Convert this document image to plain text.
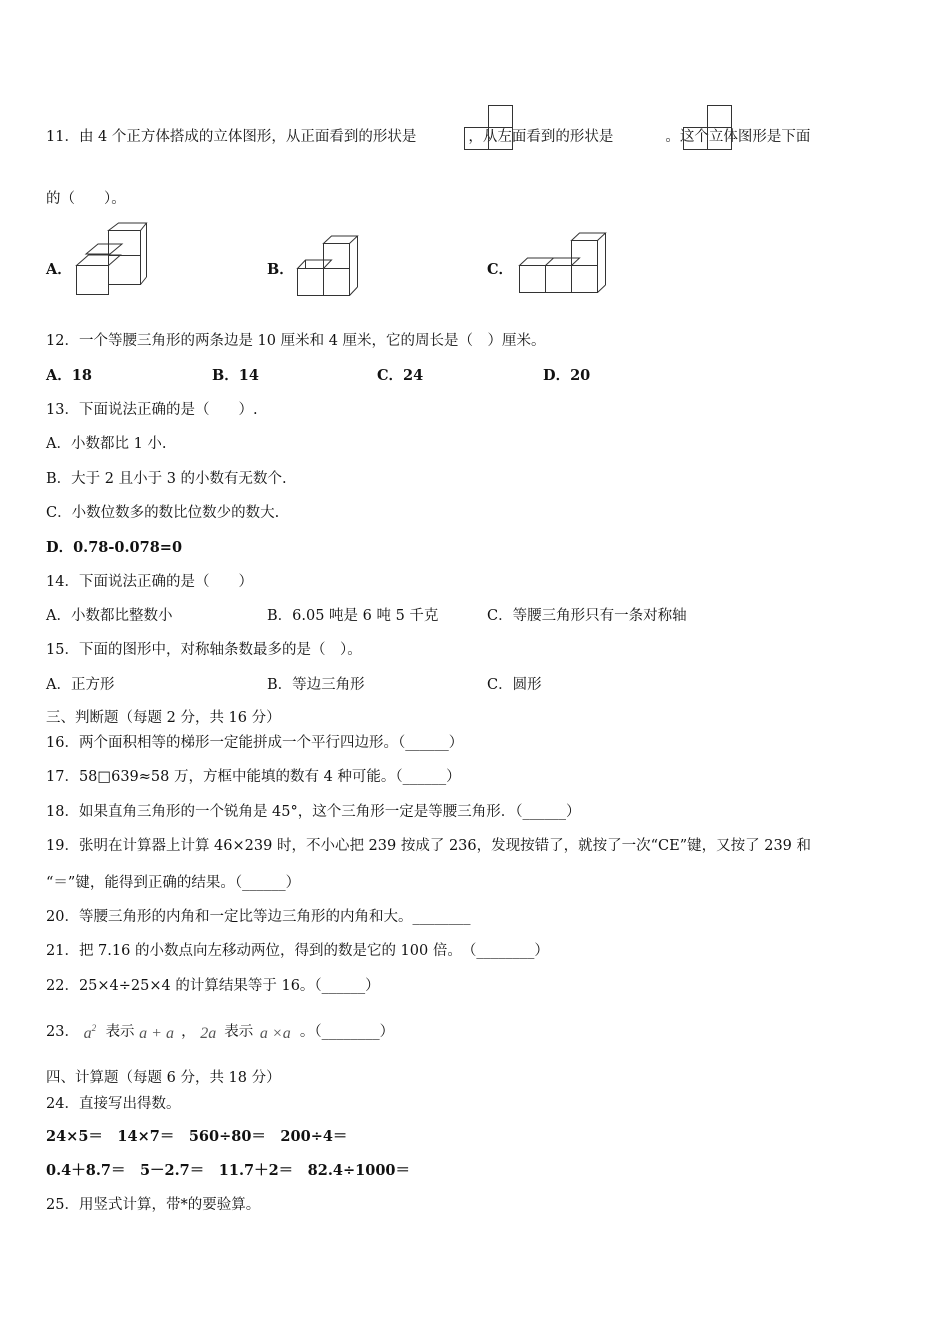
11．由 4 个正方体搭成的立体图形，从正面看到的形状是	，从左面看到的形状是	。这个立体图形是下面
的（　　）。
A．	B．	C．
12．一个等腰三角形的两条边是 10 厘米和 4 厘米，它的周长是（　）厘米。
A．18	B．14	C．24	D．20
13．下面说法正确的是（　　）.
A．小数都比 1 小.
B．大于 2 且小于 3 的小数有无数个.
C．小数位数多的数比位数少的数大.
D．0.78-0.078=0
14．下面说法正确的是（　　）
A．小数都比整数小	B．6.05 吨是 6 吨 5 千克	C．等腰三角形只有一条对称轴
15．下面的图形中，对称轴条数最多的是（　）。
A．正方形	B．等边三角形	C．圆形
三、判断题（每题 2 分，共 16 分）
16．两个面积相等的梯形一定能拼成一个平行四边形。（______）
17．58□639≈58 万，方框中能填的数有 4 种可能。（______）
18．如果直角三角形的一个锐角是 45°，这个三角形一定是等腰三角形．（______）
19．张明在计算器上计算 46×239 时，不小心把 239 按成了 236，发现按错了，就按了一次“CE”键，又按了 239 和
“＝”键，能得到正确的结果。（______）
20．等腰三角形的内角和一定比等边三角形的内角和大。________
21．把 7.16 的小数点向左移动两位，得到的数是它的 100 倍。　（________）
22．25×4÷25×4 的计算结果等于 16。（______）
23． a 2 表示 a + a ， 2a 表示 a ×a 。（________）
四、计算题（每题 6 分，共 18 分）
24．直接写出得数。
24×5＝　14×7＝　560÷80＝　200÷4＝
0.4＋8.7＝　5－2.7＝　11.7＋2＝　82.4÷1000＝
25．用竖式计算，带*的要验算。
